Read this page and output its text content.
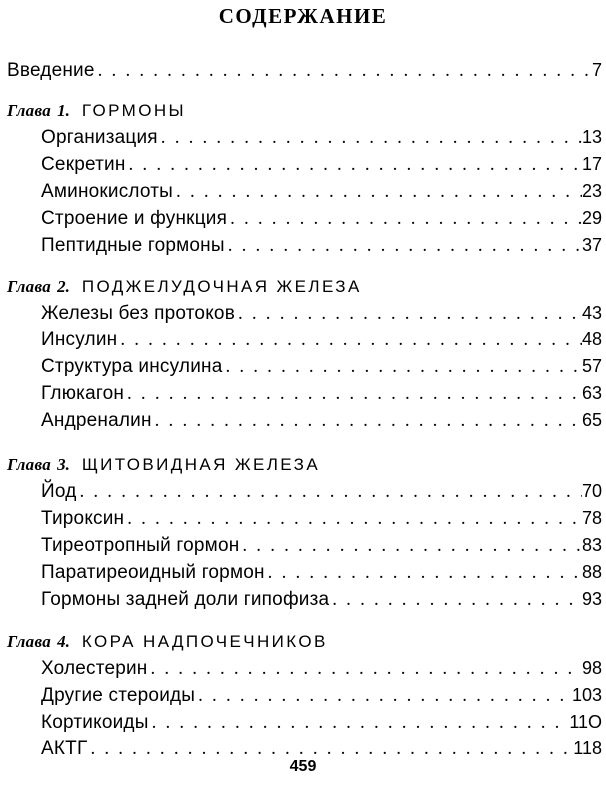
СОДЕРЖАНИЕ
Введение . . .	7
Глава 1. ГОРМОНЫ
Организация . . .	13
Секретин . . .	17
Аминокислоты . . .	23
Строение и функция . . .	29
Пептидные гормоны . . .	37
Глава 2. ПОДЖЕЛУДОЧНАЯ ЖЕЛЕЗА
Железы без протоков . . .	43
Инсулин . . .	48
Структура инсулина . . .	57
Глюкагон . . .	63
Андреналин . . .	65
Глава 3. ЩИТОВИДНАЯ ЖЕЛЕЗА
Йод . . .	70
Тироксин . . .	78
Тиреотропный гормон . . .	83
Паратиреоидный гормон . . .	88
Гормоны задней доли гипофиза . . .	93
Глава 4. КОРА НАДПОЧЕЧНИКОВ
Холестерин . . .	98
Другие стероиды . . .	103
Кортикоиды . . .	11O
АКТГ . . .	118
459
